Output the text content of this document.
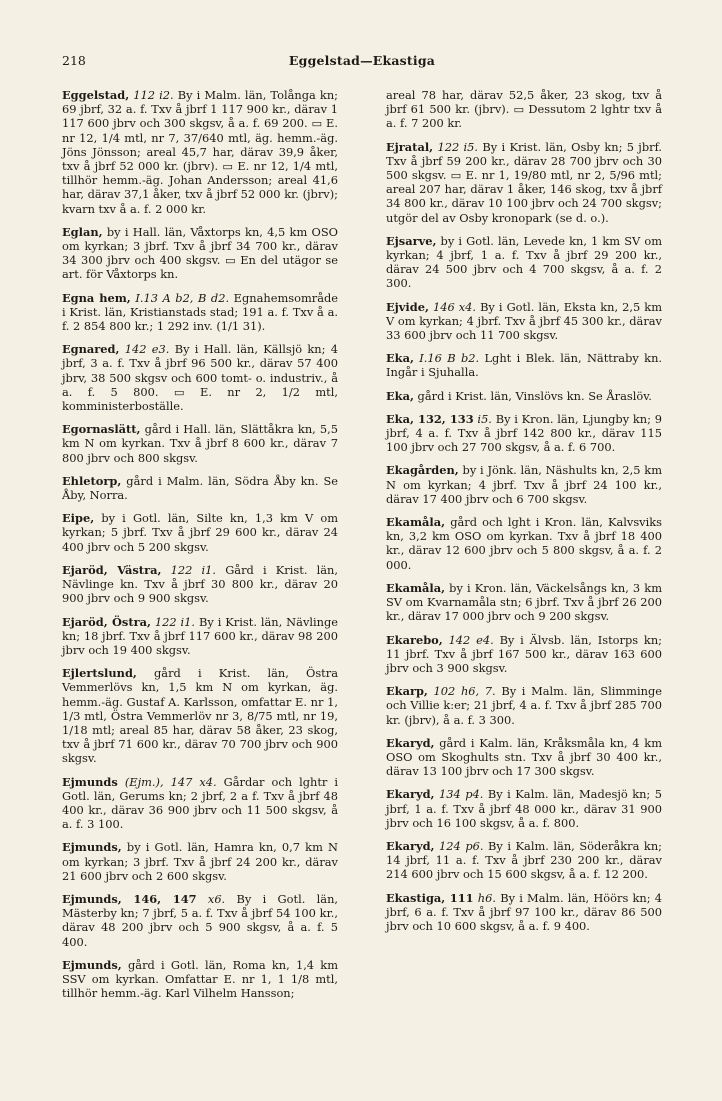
218	Eggelstad—Ekastiga

Eggelstad, 112 i2. By i Malm. län, Tolånga kn; 69 jbrf, 32 a. f. Txv å jbrf 1 117 900 kr., därav 1 117 600 jbrv och 300 skgsv, å a. f. 69 200. ▭ E. nr 12, 1/4 mtl, nr 7, 37/640 mtl, äg. hemm.-äg. Jöns Jönsson; areal 45,7 har, därav 39,9 åker, txv å jbrf 52 000 kr. (jbrv). ▭ E. nr 12, 1/4 mtl, tillhör hemm.-äg. Johan Andersson; areal 41,6 har, därav 37,1 åker, txv å jbrf 52 000 kr. (jbrv); kvarn txv å a. f. 2 000 kr.

Eglan, by i Hall. län, Våxtorps kn, 4,5 km OSO om kyrkan; 3 jbrf. Txv å jbrf 34 700 kr., därav 34 300 jbrv och 400 skgsv. ▭ En del utägor se art. för Våxtorps kn.

Egna hem, I.13 A b2, B d2. Egnahemsområde i Krist. län, Kristianstads stad; 191 a. f. Txv å a. f. 2 854 800 kr.; 1 292 inv. (1/1 31).

Egnared, 142 e3. By i Hall. län, Källsjö kn; 4 jbrf, 3 a. f. Txv å jbrf 96 500 kr., därav 57 400 jbrv, 38 500 skgsv och 600 tomt- o. industriv., å a. f. 5 800. ▭ E. nr 2, 1/2 mtl, komministerboställe.

Egornaslätt, gård i Hall. län, Slättåkra kn, 5,5 km N om kyrkan. Txv å jbrf 8 600 kr., därav 7 800 jbrv och 800 skgsv.

Ehletorp, gård i Malm. län, Södra Åby kn. Se Åby, Norra.

Eipe, by i Gotl. län, Silte kn, 1,3 km V om kyrkan; 5 jbrf. Txv å jbrf 29 600 kr., därav 24 400 jbrv och 5 200 skgsv.

Ejaröd, Västra, 122 i1. Gård i Krist. län, Nävlinge kn. Txv å jbrf 30 800 kr., därav 20 900 jbrv och 9 900 skgsv.

Ejaröd, Östra, 122 i1. By i Krist. län, Nävlinge kn; 18 jbrf. Txv å jbrf 117 600 kr., därav 98 200 jbrv och 19 400 skgsv.

Ejlertslund, gård i Krist. län, Östra Vemmerlövs kn, 1,5 km N om kyrkan, äg. hemm.-äg. Gustaf A. Karlsson, omfattar E. nr 1, 1/3 mtl, Östra Vemmerlöv nr 3, 8/75 mtl, nr 19, 1/18 mtl; areal 85 har, därav 58 åker, 23 skog, txv å jbrf 71 600 kr., därav 70 700 jbrv och 900 skgsv.

Ejmunds (Ejm.), 147 x4. Gårdar och lghtr i Gotl. län, Gerums kn; 2 jbrf, 2 a f. Txv å jbrf 48 400 kr., därav 36 900 jbrv och 11 500 skgsv, å a. f. 3 100.

Ejmunds, by i Gotl. län, Hamra kn, 0,7 km N om kyrkan; 3 jbrf. Txv å jbrf 24 200 kr., därav 21 600 jbrv och 2 600 skgsv.

Ejmunds, 146, 147 x6. By i Gotl. län, Mästerby kn; 7 jbrf, 5 a. f. Txv å jbrf 54 100 kr., därav 48 200 jbrv och 5 900 skgsv, å a. f. 5 400.

Ejmunds, gård i Gotl. län, Roma kn, 1,4 km SSV om kyrkan. Omfattar E. nr 1, 1 1/8 mtl, tillhör hemm.-äg. Karl Vilhelm Hansson;

areal 78 har, därav 52,5 åker, 23 skog, txv å jbrf 61 500 kr. (jbrv). ▭ Dessutom 2 lghtr txv å a. f. 7 200 kr.

Ejratal, 122 i5. By i Krist. län, Osby kn; 5 jbrf. Txv å jbrf 59 200 kr., därav 28 700 jbrv och 30 500 skgsv. ▭ E. nr 1, 19/80 mtl, nr 2, 5/96 mtl; areal 207 har, därav 1 åker, 146 skog, txv å jbrf 34 800 kr., därav 10 100 jbrv och 24 700 skgsv; utgör del av Osby kronopark (se d. o.).

Ejsarve, by i Gotl. län, Levede kn, 1 km SV om kyrkan; 4 jbrf, 1 a. f. Txv å jbrf 29 200 kr., därav 24 500 jbrv och 4 700 skgsv, å a. f. 2 300.

Ejvide, 146 x4. By i Gotl. län, Eksta kn, 2,5 km V om kyrkan; 4 jbrf. Txv å jbrf 45 300 kr., därav 33 600 jbrv och 11 700 skgsv.

Eka, I.16 B b2. Lght i Blek. län, Nättraby kn. Ingår i Sjuhalla.

Eka, gård i Krist. län, Vinslövs kn. Se Åraslöv.

Eka, 132, 133 i5. By i Kron. län, Ljungby kn; 9 jbrf, 4 a. f. Txv å jbrf 142 800 kr., därav 115 100 jbrv och 27 700 skgsv, å a. f. 6 700.

Ekagården, by i Jönk. län, Näshults kn, 2,5 km N om kyrkan; 4 jbrf. Txv å jbrf 24 100 kr., därav 17 400 jbrv och 6 700 skgsv.

Ekamåla, gård och lght i Kron. län, Kalvsviks kn, 3,2 km OSO om kyrkan. Txv å jbrf 18 400 kr., därav 12 600 jbrv och 5 800 skgsv, å a. f. 2 000.

Ekamåla, by i Kron. län, Väckelsångs kn, 3 km SV om Kvarnamåla stn; 6 jbrf. Txv å jbrf 26 200 kr., därav 17 000 jbrv och 9 200 skgsv.

Ekarebo, 142 e4. By i Älvsb. län, Istorps kn; 11 jbrf. Txv å jbrf 167 500 kr., därav 163 600 jbrv och 3 900 skgsv.

Ekarp, 102 h6, 7. By i Malm. län, Slimminge och Villie k:er; 21 jbrf, 4 a. f. Txv å jbrf 285 700 kr. (jbrv), å a. f. 3 300.

Ekaryd, gård i Kalm. län, Kråksmåla kn, 4 km OSO om Skoghults stn. Txv å jbrf 30 400 kr., därav 13 100 jbrv och 17 300 skgsv.

Ekaryd, 134 p4. By i Kalm. län, Madesjö kn; 5 jbrf, 1 a. f. Txv å jbrf 48 000 kr., därav 31 900 jbrv och 16 100 skgsv, å a. f. 800.

Ekaryd, 124 p6. By i Kalm. län, Söderåkra kn; 14 jbrf, 11 a. f. Txv å jbrf 230 200 kr., därav 214 600 jbrv och 15 600 skgsv, å a. f. 12 200.

Ekastiga, 111 h6. By i Malm. län, Höörs kn; 4 jbrf, 6 a. f. Txv å jbrf 97 100 kr., därav 86 500 jbrv och 10 600 skgsv, å a. f. 9 400.
